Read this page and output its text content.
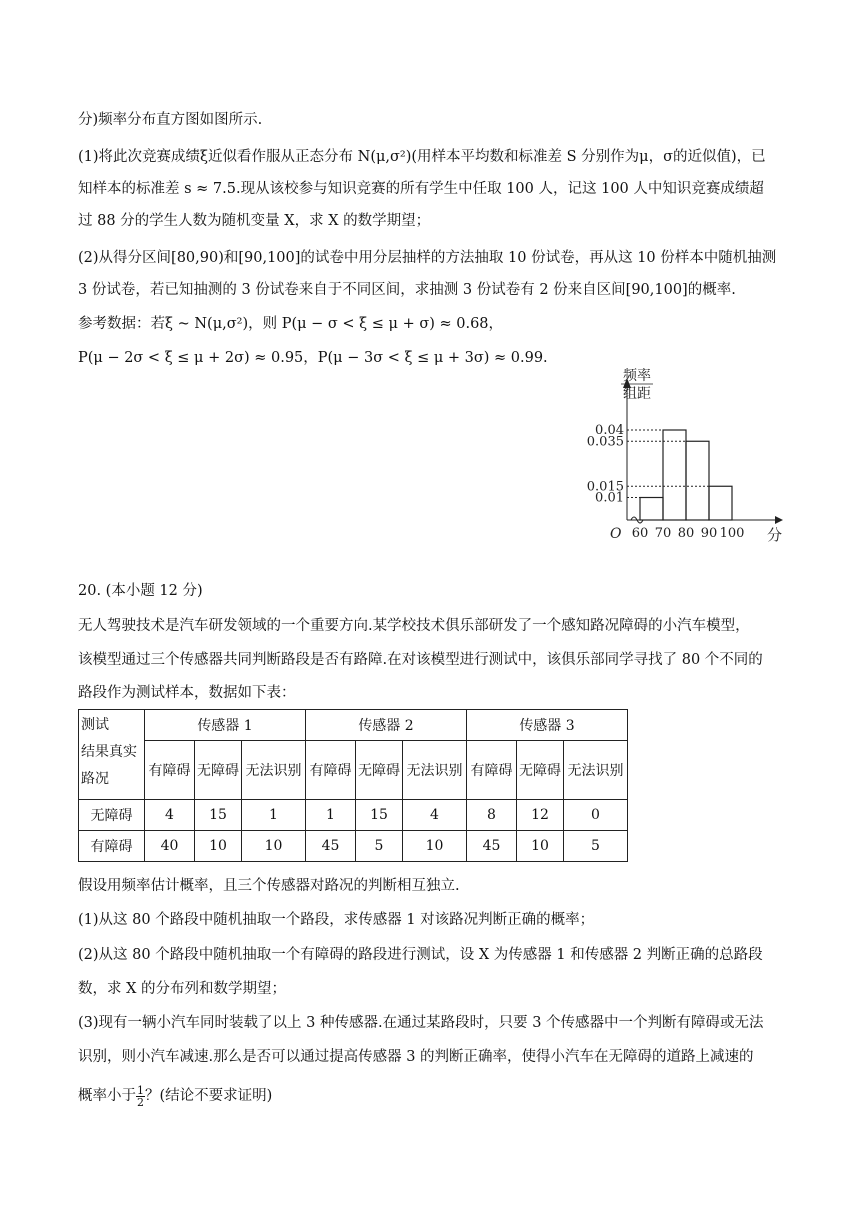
分)频率分布直方图如图所示.
(1)将此次竞赛成绩ξ近似看作服从正态分布 N(μ,σ²)(用样本平均数和标准差 S 分别作为μ，σ的近似值)，已
知样本的标准差 s ≈ 7.5.现从该校参与知识竞赛的所有学生中任取 100 人，记这 100 人中知识竞赛成绩超
过 88 分的学生人数为随机变量 X，求 X 的数学期望；
(2)从得分区间[80,90)和[90,100]的试卷中用分层抽样的方法抽取 10 份试卷，再从这 10 份样本中随机抽测
3 份试卷，若已知抽测的 3 份试卷来自于不同区间，求抽测 3 份试卷有 2 份来自区间[90,100]的概率.
参考数据：若ξ ~ N(μ,σ²)，则 P(μ − σ < ξ ≤ μ + σ) ≈ 0.68，
P(μ − 2σ < ξ ≤ μ + 2σ) ≈ 0.95，P(μ − 3σ < ξ ≤ μ + 3σ) ≈ 0.99.
频率
组距
O	分
0.04
0.035
0.015
0.01
60 70 80 90 100
20. (本小题 12 分)
无人驾驶技术是汽车研发领域的一个重要方向.某学校技术俱乐部研发了一个感知路况障碍的小汽车模型，
该模型通过三个传感器共同判断路段是否有路障.在对该模型进行测试中，该俱乐部同学寻找了 80 个不同的
路段作为测试样本，数据如下表：
测试
结果真实
路况	传感器 1			传感器 2			传感器 3		
	有障碍	无障碍	无法识别	有障碍	无障碍	无法识别	有障碍	无障碍	无法识别
无障碍	4	15	1	1	15	4	8	12	0
有障碍	40	10	10	45	5	10	45	10	5
假设用频率估计概率，且三个传感器对路况的判断相互独立.
(1)从这 80 个路段中随机抽取一个路段，求传感器 1 对该路况判断正确的概率；
(2)从这 80 个路段中随机抽取一个有障碍的路段进行测试，设 X 为传感器 1 和传感器 2 判断正确的总路段
数，求 X 的分布列和数学期望；
(3)现有一辆小汽车同时装载了以上 3 种传感器.在通过某路段时，只要 3 个传感器中一个判断有障碍或无法
识别，则小汽车减速.那么是否可以通过提高传感器 3 的判断正确率，使得小汽车在无障碍的道路上减速的
概率小于 $\frac{1}{2}$ ？(结论不要求证明)
